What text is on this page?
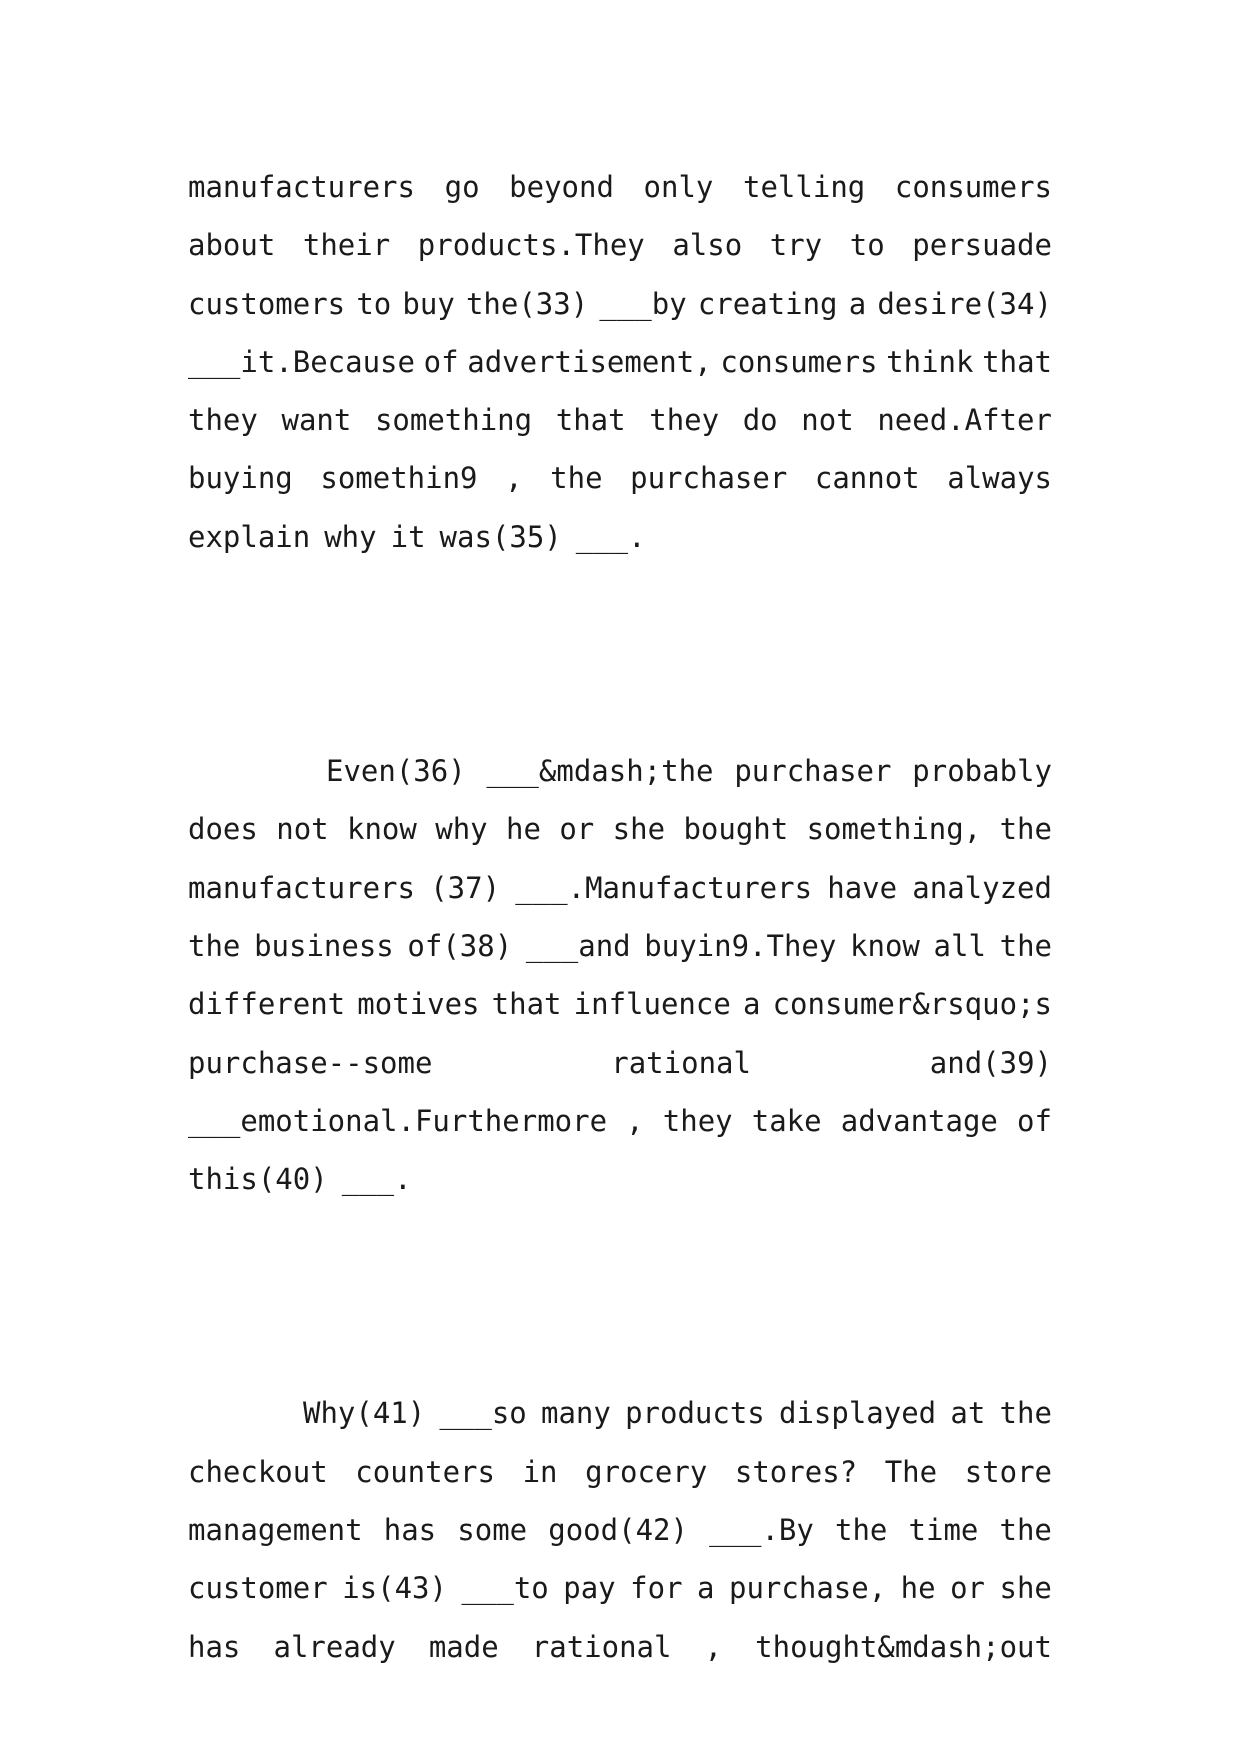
manufacturers go beyond only telling consumers
about their products.They also try to persuade
customers to buy the(33) ___by creating a desire(34)
___it.Because of advertisement, consumers think that
they want something that they do not need.After
buying somethin9 , the purchaser cannot always
explain why it was(35) ___.
Even(36) ___&mdash;the purchaser probably
does not know why he or she bought something, the
manufacturers (37) ___.Manufacturers have analyzed
the business of(38) ___and buyin9.They know all the
different motives that influence a consumer&rsquo;s
purchase--some	rational	and(39)
___emotional.Furthermore , they take advantage of
this(40) ___.
Why(41) ___so many products displayed at the
checkout counters in grocery stores? The store
management has some good(42) ___.By the time the
customer is(43) ___to pay for a purchase, he or she
has already made rational , thought&mdash;out
